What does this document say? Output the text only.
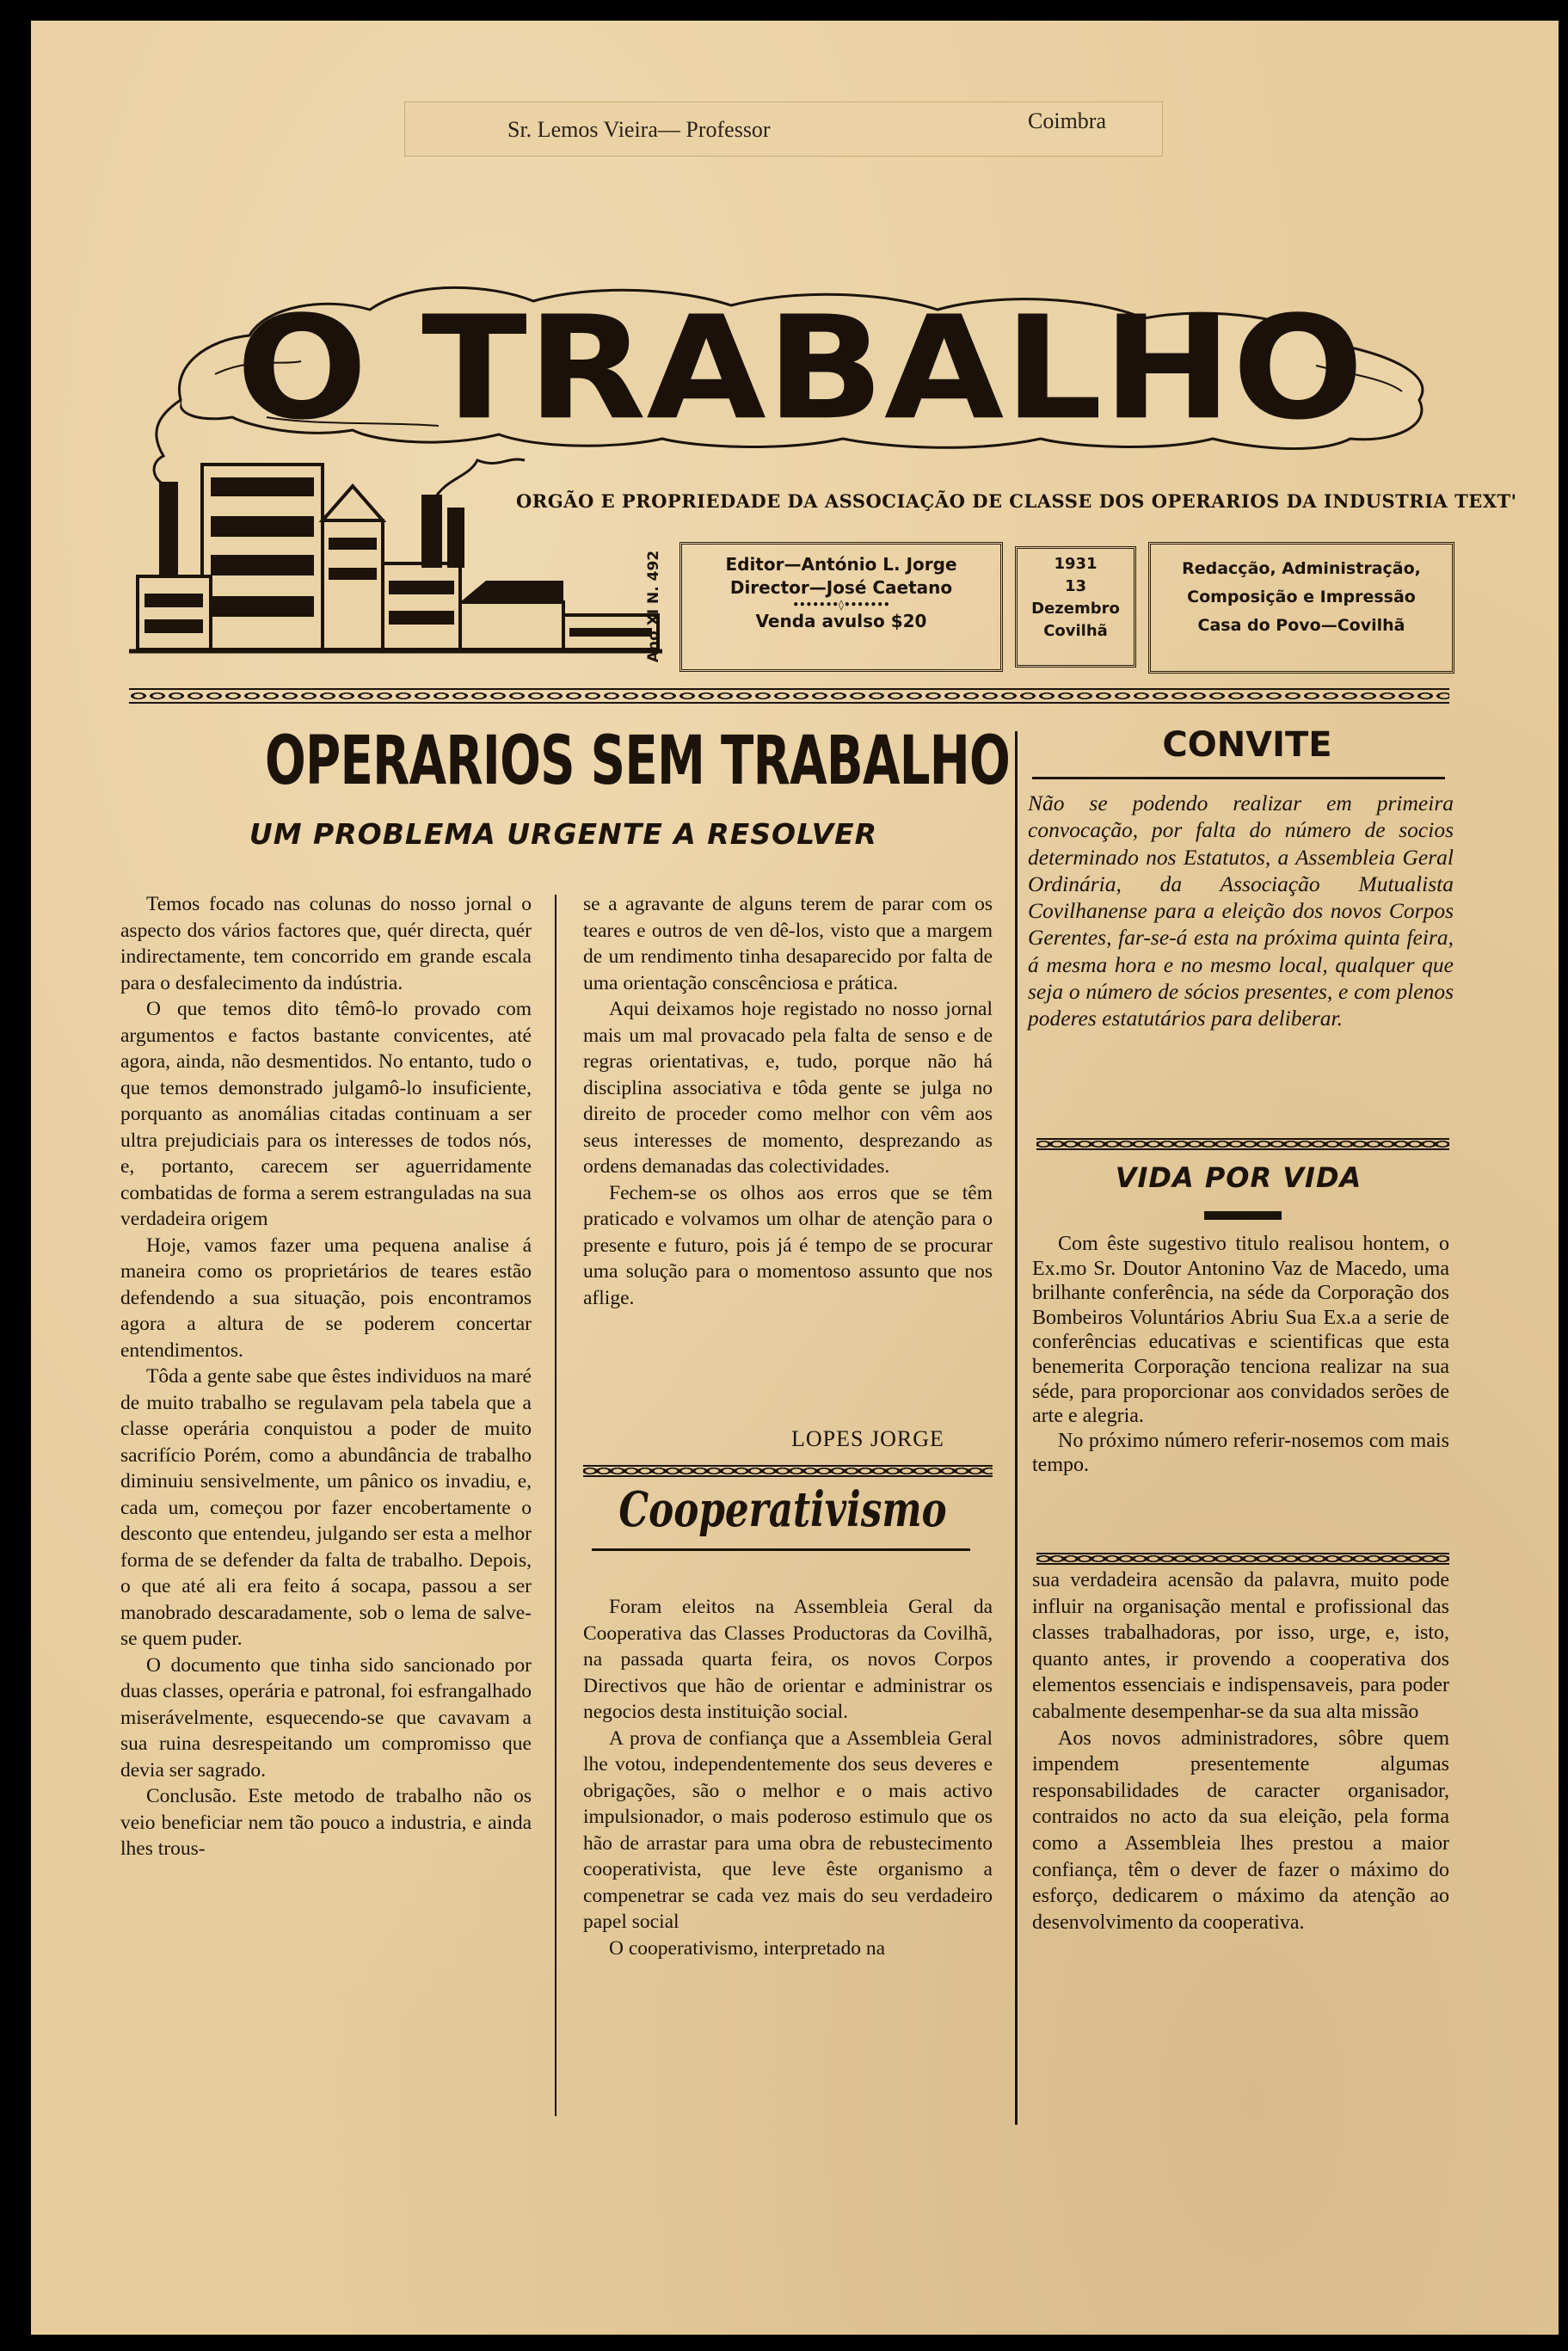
Sr. Lemos Vieira— Professor	Coimbra
O TRABALHO
ORGÃO E PROPRIEDADE DA ASSOCIAÇÃO DE CLASSE DOS OPERARIOS DA INDUSTRIA TEXT'
Ano XI N. 492	Editor—António L. Jorge
Director—José Caetano
•••••••◊•••••••
Venda avulso $20
1931
13
Dezembro
Covilhã
Redacção, Administração,
Composição e Impressão
Casa do Povo—Covilhã
OPERARIOS SEM TRABALHO
UM PROBLEMA URGENTE A RESOLVER

Temos focado nas colunas do nosso jornal o aspecto dos vários factores que, quér directa, quér indirectamente, tem concorrido em grande escala para o desfalecimento da indústria.

O que temos dito têmô-lo provado com argumentos e factos bastante convicentes, até agora, ainda, não desmentidos. No entanto, tudo o que temos demonstrado julgamô-lo insuficiente, porquanto as anomálias citadas continuam a ser ultra prejudiciais para os interesses de todos nós, e, portanto, carecem ser aguerridamente combatidas de forma a serem estranguladas na sua verdadeira origem

Hoje, vamos fazer uma pequena analise á maneira como os proprietários de teares estão defendendo a sua situação, pois encontramos agora a altura de se poderem concertar entendimentos.

Tôda a gente sabe que êstes individuos na maré de muito trabalho se regulavam pela tabela que a classe operária conquistou a poder de muito sacrifício Porém, como a abundância de trabalho diminuiu sensivelmente, um pânico os invadiu, e, cada um, começou por fazer encobertamente o desconto que entendeu, julgando ser esta a melhor forma de se defender da falta de trabalho. Depois, o que até ali era feito á socapa, passou a ser manobrado descaradamente, sob o lema de salve-se quem puder.

O documento que tinha sido sancionado por duas classes, operária e patronal, foi esfrangalhado miserávelmente, esquecendo-se que cavavam a sua ruina desrespeitando um compromisso que devia ser sagrado.

Conclusão. Este metodo de trabalho não os veio beneficiar nem tão pouco a industria, e ainda lhes trous-

se a agravante de alguns terem de parar com os teares e outros de ven dê-los, visto que a margem de um rendimento tinha desaparecido por falta de uma orientação conscênciosa e prática.

Aqui deixamos hoje registado no nosso jornal mais um mal provacado pela falta de senso e de regras orientativas, e, tudo, porque não há disciplina associativa e tôda gente se julga no direito de proceder como melhor con vêm aos seus interesses de momento, desprezando as ordens demanadas das colectividades.

Fechem-se os olhos aos erros que se têm praticado e volvamos um olhar de atenção para o presente e futuro, pois já é tempo de se procurar uma solução para o momentoso assunto que nos aflige.

LOPES JORGE
Cooperativismo

Foram eleitos na Assembleia Geral da Cooperativa das Classes Productoras da Covilhã, na passada quarta feira, os novos Corpos Directivos que hão de orientar e administrar os negocios desta instituição social.

A prova de confiança que a Assembleia Geral lhe votou, independentemente dos seus deveres e obrigações, são o melhor e o mais activo impulsionador, o mais poderoso estimulo que os hão de arrastar para uma obra de rebustecimento cooperativista, que leve êste organismo a compenetrar se cada vez mais do seu verdadeiro papel social

O cooperativismo, interpretado na

CONVITE
Não se podendo realizar em primeira convocação, por falta do número de socios determinado nos Estatutos, a Assembleia Geral Ordinária, da Associação Mutualista Covilhanense para a eleição dos novos Corpos Gerentes, far-se-á esta na próxima quinta feira, á mesma hora e no mesmo local, qualquer que seja o número de sócios presentes, e com plenos poderes estatutários para deliberar.
VIDA POR VIDA

Com êste sugestivo titulo realisou hontem, o Ex.mo Sr. Doutor Antonino Vaz de Macedo, uma brilhante conferência, na séde da Corporação dos Bombeiros Voluntários Abriu Sua Ex.a a serie de conferências educativas e scientificas que esta benemerita Corporação tenciona realizar na sua séde, para proporcionar aos convidados serões de arte e alegria.

No próximo número referir-nosemos com mais tempo.

sua verdadeira acensão da palavra, muito pode influir na organisação mental e profissional das classes trabalhadoras, por isso, urge, e, isto, quanto antes, ir provendo a cooperativa dos elementos essenciais e indispensaveis, para poder cabalmente desempenhar-se da sua alta missão

Aos novos administradores, sôbre quem impendem presentemente algumas responsabilidades de caracter organisador, contraidos no acto da sua eleição, pela forma como a Assembleia lhes prestou a maior confiança, têm o dever de fazer o máximo do esforço, dedicarem o máximo da atenção ao desenvolvimento da cooperativa.
